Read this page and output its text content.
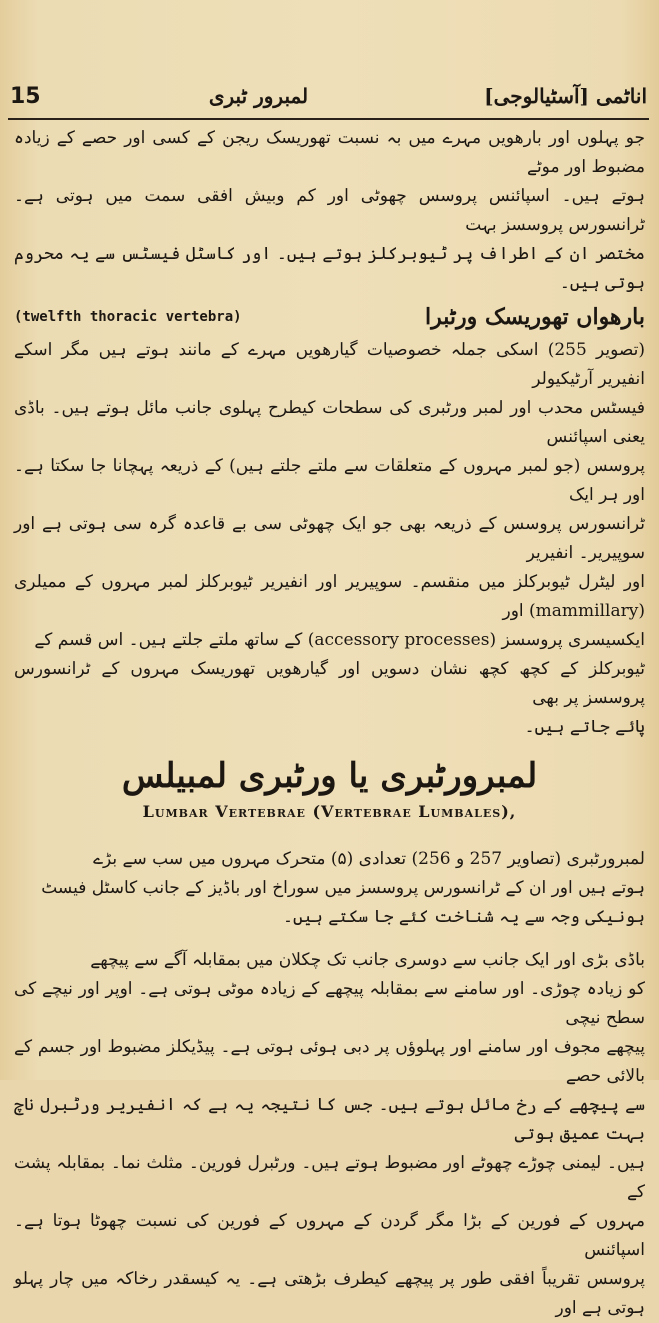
15	لمبرور ٹبری	اناٹمی [آسٹیالوجی]

جو پہلوں اور بارھویں مہرے میں بہ نسبت تھوریسک ریجن کے کسی اور حصے کے زیادہ مضبوط اور موٹے

ہوتے ہیں۔ اسپائنس پروسس چھوٹی اور کم وبیش افقی سمت میں ہوتی ہے۔ ٹرانسورس پروسسز بہت

مختصر ان کے اطراف پر ٹیوبرکلز ہوتے ہیں۔ اور کاسٹل فیسٹس سے یہ محروم ہوتی ہیں۔

بارھواں تھوریسک ورٹبرا
(twelfth thoracic vertebra)

(تصویر 255) اسکی جملہ خصوصیات گیارھویں مہرے کے مانند ہوتے ہیں مگر اسکے انفیریر آرٹیکیولر

فیسٹس محدب اور لمبر ورٹبری کی سطحات کیطرح پہلوی جانب مائل ہوتے ہیں۔ باڈی یعنی اسپائنس

پروسس (جو لمبر مہروں کے متعلقات سے ملتے جلتے ہیں) کے ذریعہ پہچانا جا سکتا ہے۔ اور ہر ایک

ٹرانسورس پروسس کے ذریعہ بھی جو ایک چھوٹی سی بے قاعدہ گرہ سی ہوتی ہے اور سوپیریر۔ انفیریر

اور لیٹرل ٹیوبرکلز میں منقسم۔ سوپیریر اور انفیریر ٹیوبرکلز لمبر مہروں کے ممیلری (mammillary) اور

ایکسیسری پروسسز (accessory processes) کے ساتھ ملتے جلتے ہیں۔ اس قسم کے

ٹیوبرکلز کے کچھ کچھ نشان دسویں اور گیارھویں تھوریسک مہروں کے ٹرانسورس پروسسز پر بھی

پائے جاتے ہیں۔

لمبرورٹبری یا ورٹبری لمبیلس
Lumbar Vertebrae (Vertebrae Lumbales),

لمبرورٹبری (تصاویر 257 و 256) تعدادی (۵) متحرک مہروں میں سب سے بڑے

ہوتے ہیں اور ان کے ٹرانسورس پروسسز میں سوراخ اور باڈیز کے جانب کاسٹل فیسٹ

ہونیکی وجہ سے یہ شناخت کئے جا سکتے ہیں۔

باڈی بڑی اور ایک جانب سے دوسری جانب تک چکلان میں بمقابلہ آگے سے پیچھے

کو زیادہ چوڑی۔ اور سامنے سے بمقابلہ پیچھے کے زیادہ موٹی ہوتی ہے۔ اوپر اور نیچے کی سطح نیچی

پیچھے مجوف اور سامنے اور پہلوؤں پر دبی ہوئی ہوتی ہے۔ پیڈیکلز مضبوط اور جسم کے بالائی حصے

سے پیچھے کے رخ مائل ہوتے ہیں۔ جس کا نتیجہ یہ ہے کہ انفیریر ورٹبرل ناچ بہت عمیق ہوتی

ہیں۔ لیمنی چوڑے چھوٹے اور مضبوط ہوتے ہیں۔ ورٹبرل فورین۔ مثلث نما۔ بمقابلہ پشت کے

مہروں کے فورین کے بڑا مگر گردن کے مہروں کے فورین کی نسبت چھوٹا ہوتا ہے۔ اسپائنس

پروسس تقریباً افقی طور پر پیچھے کیطرف بڑھتی ہے۔ یہ کیسقدر رخاکہ میں چار پہلو ہوتی ہے اور
